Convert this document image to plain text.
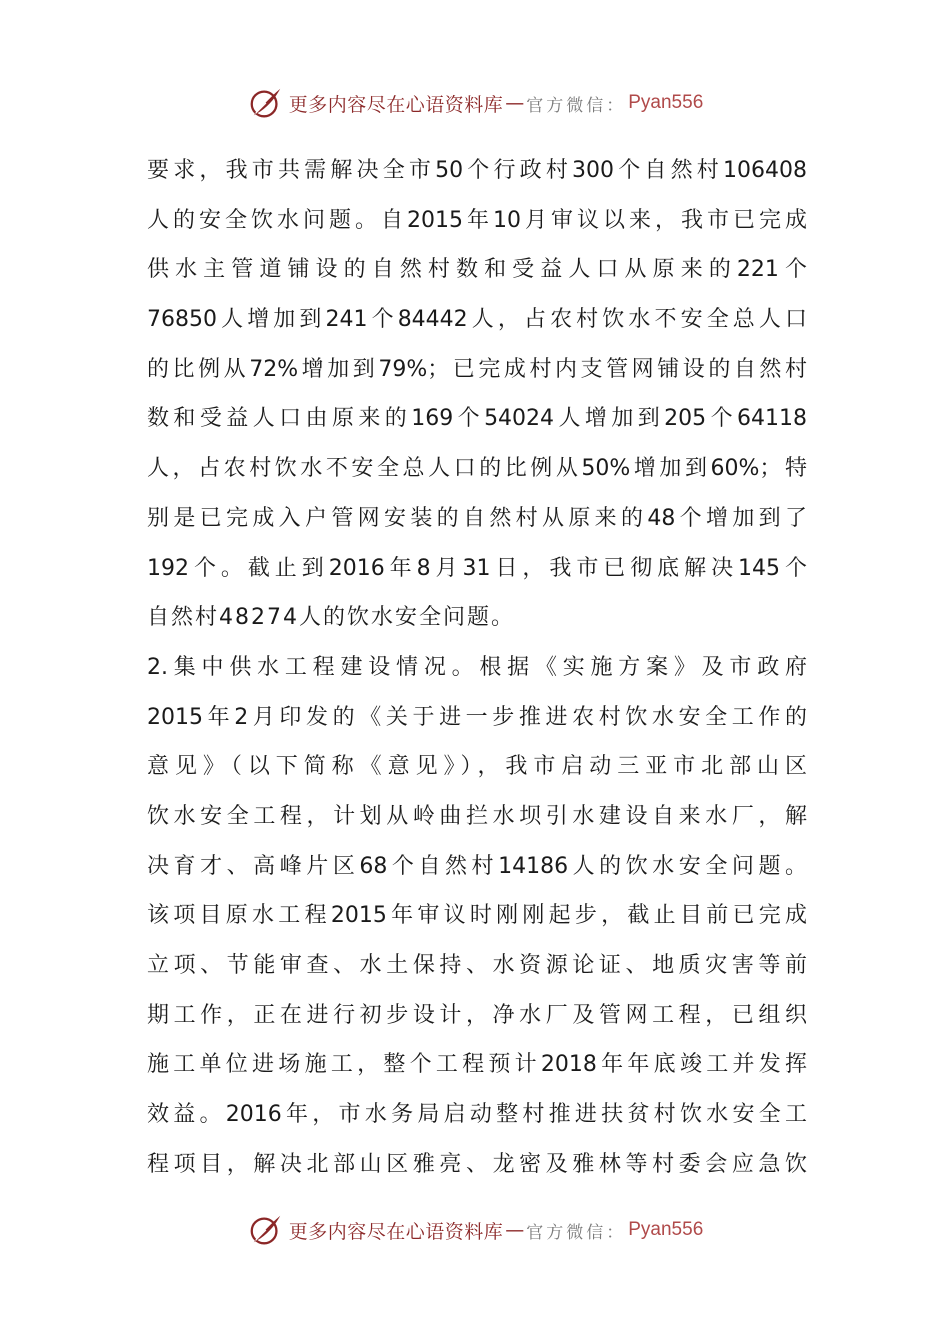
更多内容尽在心语资料库 — 官方微信： Pyan556
要求，我市共需解决全市50个行政村300个自然村106408
人的安全饮水问题。自2015年10月审议以来，我市已完成
供水主管道铺设的自然村数和受益人口从原来的221个
76850人增加到241个84442人，占农村饮水不安全总人口
的比例从72%增加到79%；已完成村内支管网铺设的自然村
数和受益人口由原来的169个54024人增加到205个64118
人，占农村饮水不安全总人口的比例从50%增加到60%；特
别是已完成入户管网安装的自然村从原来的48个增加到了
192个。截止到2016年8月31日，我市已彻底解决145个
自然村48274人的饮水安全问题。
2.集中供水工程建设情况。根据《实施方案》及市政府
2015年2月印发的《关于进一步推进农村饮水安全工作的
意见》（以下简称《意见》），我市启动三亚市北部山区
饮水安全工程，计划从岭曲拦水坝引水建设自来水厂，解
决育才、高峰片区68个自然村14186人的饮水安全问题。
该项目原水工程2015年审议时刚刚起步，截止目前已完成
立项、节能审查、水土保持、水资源论证、地质灾害等前
期工作，正在进行初步设计，净水厂及管网工程，已组织
施工单位进场施工，整个工程预计2018年年底竣工并发挥
效益。2016年，市水务局启动整村推进扶贫村饮水安全工
程项目，解决北部山区雅亮、龙密及雅林等村委会应急饮
更多内容尽在心语资料库 — 官方微信： Pyan556
